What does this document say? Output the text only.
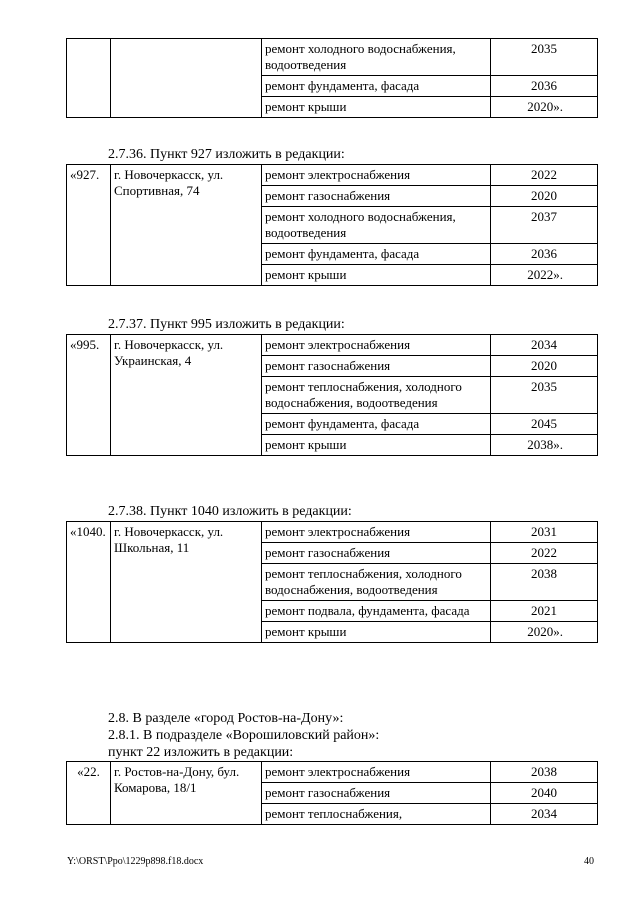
		ремонт холодного водоснабжения, водоотведения	2035
		ремонт фундамента, фасада	2036
		ремонт крыши	2020».
2.7.36. Пункт 927 изложить в редакции:
«927.	г. Новочеркасск, ул. Спортивная, 74	ремонт электроснабжения	2022
		ремонт газоснабжения	2020
		ремонт холодного водоснабжения, водоотведения	2037
		ремонт фундамента, фасада	2036
		ремонт крыши	2022».
2.7.37. Пункт 995 изложить в редакции:
«995.	г. Новочеркасск, ул. Украинская, 4	ремонт электроснабжения	2034
		ремонт газоснабжения	2020
		ремонт теплоснабжения, холодного водоснабжения, водоотведения	2035
		ремонт фундамента, фасада	2045
		ремонт крыши	2038».
2.7.38. Пункт 1040 изложить в редакции:
«1040.	г. Новочеркасск, ул. Школьная, 11	ремонт электроснабжения	2031
		ремонт газоснабжения	2022
		ремонт теплоснабжения, холодного водоснабжения, водоотведения	2038
		ремонт подвала, фундамента, фасада	2021
		ремонт крыши	2020».
2.8. В разделе «город Ростов-на-Дону»:
2.8.1. В подразделе «Ворошиловский район»:
пункт 22 изложить в редакции:
«22.	г. Ростов-на-Дону, бул. Комарова, 18/1	ремонт электроснабжения	2038
		ремонт газоснабжения	2040
		ремонт теплоснабжения,	2034
Y:\ORST\Ppo\1229p898.f18.docx	40
